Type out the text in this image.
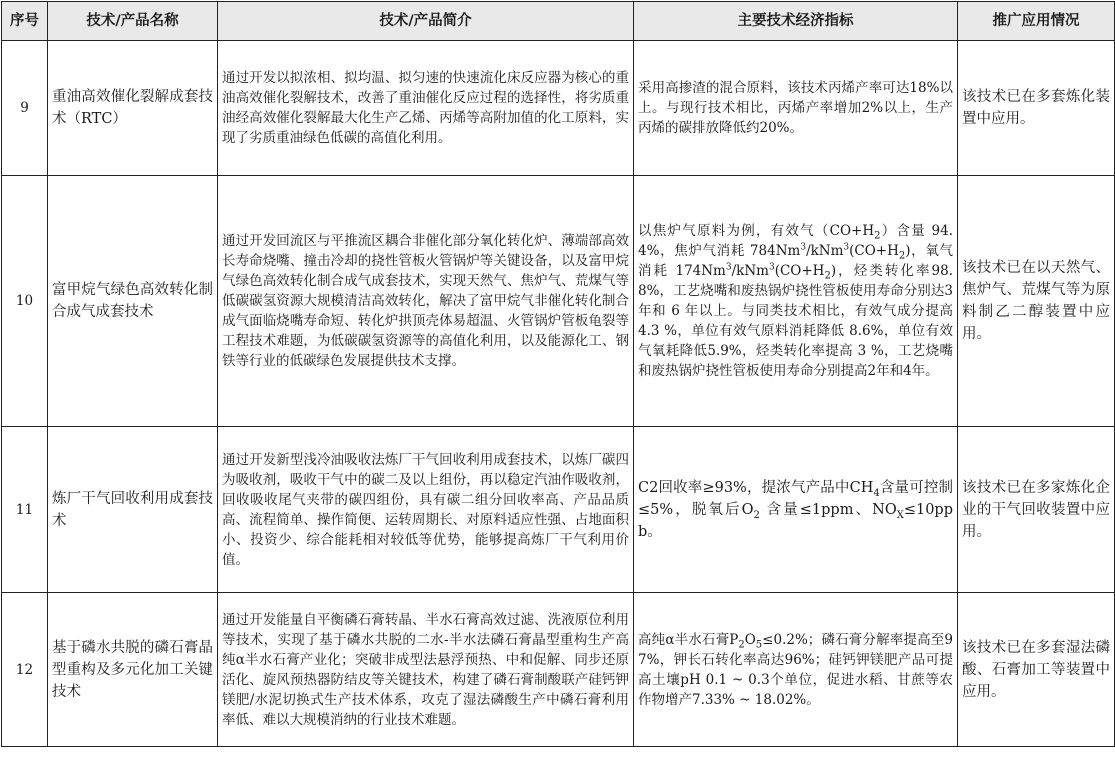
序号	技术/产品名称	技术/产品简介	主要技术经济指标	推广应用情况
9	重油高效催化裂解成套技术（RTC）	通过开发以拟浓相、拟均温、拟匀速的快速流化床反应器为核心的重油高效催化裂解技术，改善了重油催化反应过程的选择性，将劣质重油经高效催化裂解最大化生产乙烯、丙烯等高附加值的化工原料，实现了劣质重油绿色低碳的高值化利用。	采用高掺渣的混合原料，该技术丙烯产率可达18%以上。与现行技术相比，丙烯产率增加2%以上，生产丙烯的碳排放降低约20%。	该技术已在多套炼化装置中应用。
10	富甲烷气绿色高效转化制合成气成套技术	通过开发回流区与平推流区耦合非催化部分氧化转化炉、薄端部高效长寿命烧嘴、撞击冷却的挠性管板火管锅炉等关键设备，以及富甲烷气绿色高效转化制合成气成套技术，实现天然气、焦炉气、荒煤气等低碳碳氢资源大规模清洁高效转化，解决了富甲烷气非催化转化制合成气面临烧嘴寿命短、转化炉拱顶壳体易超温、火管锅炉管板龟裂等工程技术难题，为低碳碳氢资源等的高值化利用，以及能源化工、钢铁等行业的低碳绿色发展提供技术支撑。	以焦炉气原料为例，有效气$(CO+H_2)$含量 94.4%，焦炉气消耗 $784Nm^3/kNm^3(CO+H_2)$，氧气消耗 $174Nm^3/kNm^3(CO+H_2)$，烃类转化率98.8%，工艺烧嘴和废热锅炉挠性管板使用寿命分别达3年和 6 年以上。与同类技术相比，有效气成分提高 4.3 %，单位有效气原料消耗降低 8.6%，单位有效气氧耗降低5.9%，烃类转化率提高 3 %，工艺烧嘴和废热锅炉挠性管板使用寿命分别提高2年和4年。	该技术已在以天然气、焦炉气、荒煤气等为原料制乙二醇装置中应用。
11	炼厂干气回收利用成套技术	通过开发新型浅冷油吸收法炼厂干气回收利用成套技术，以炼厂碳四为吸收剂，吸收干气中的碳二及以上组份，再以稳定汽油作吸收剂，回收吸收尾气夹带的碳四组份，具有碳二组分回收率高、产品品质高、流程简单、操作简便、运转周期长、对原料适应性强、占地面积小、投资少、综合能耗相对较低等优势，能够提高炼厂干气利用价值。	C2回收率≥93%，提浓气产品中$CH_4$含量可控制≤5%，脱氧后$O_2$ 含量≤1ppm、$NO_X\le 10ppb$。	该技术已在多家炼化企业的干气回收装置中应用。
12	基于磷水共脱的磷石膏晶型重构及多元化加工关键技术	通过开发能量自平衡磷石膏转晶、半水石膏高效过滤、洗液原位利用等技术，实现了基于磷水共脱的二水-半水法磷石膏晶型重构生产高纯α半水石膏产业化；突破非成型法悬浮预热、中和促解、同步还原活化、旋风预热器防结皮等关键技术，构建了磷石膏制酸联产硅钙钾镁肥/水泥切换式生产技术体系，攻克了湿法磷酸生产中磷石膏利用率低、难以大规模消纳的行业技术难题。	高纯α半水石膏$P_2O_5\le 0.2\%$；磷石膏分解率提高至97%，钾长石转化率高达96%；硅钙钾镁肥产品可提高土壤pH 0.1 ~ 0.3个单位，促进水稻、甘蔗等农作物增产7.33% ~ 18.02%。	该技术已在多套湿法磷酸、石膏加工等装置中应用。
